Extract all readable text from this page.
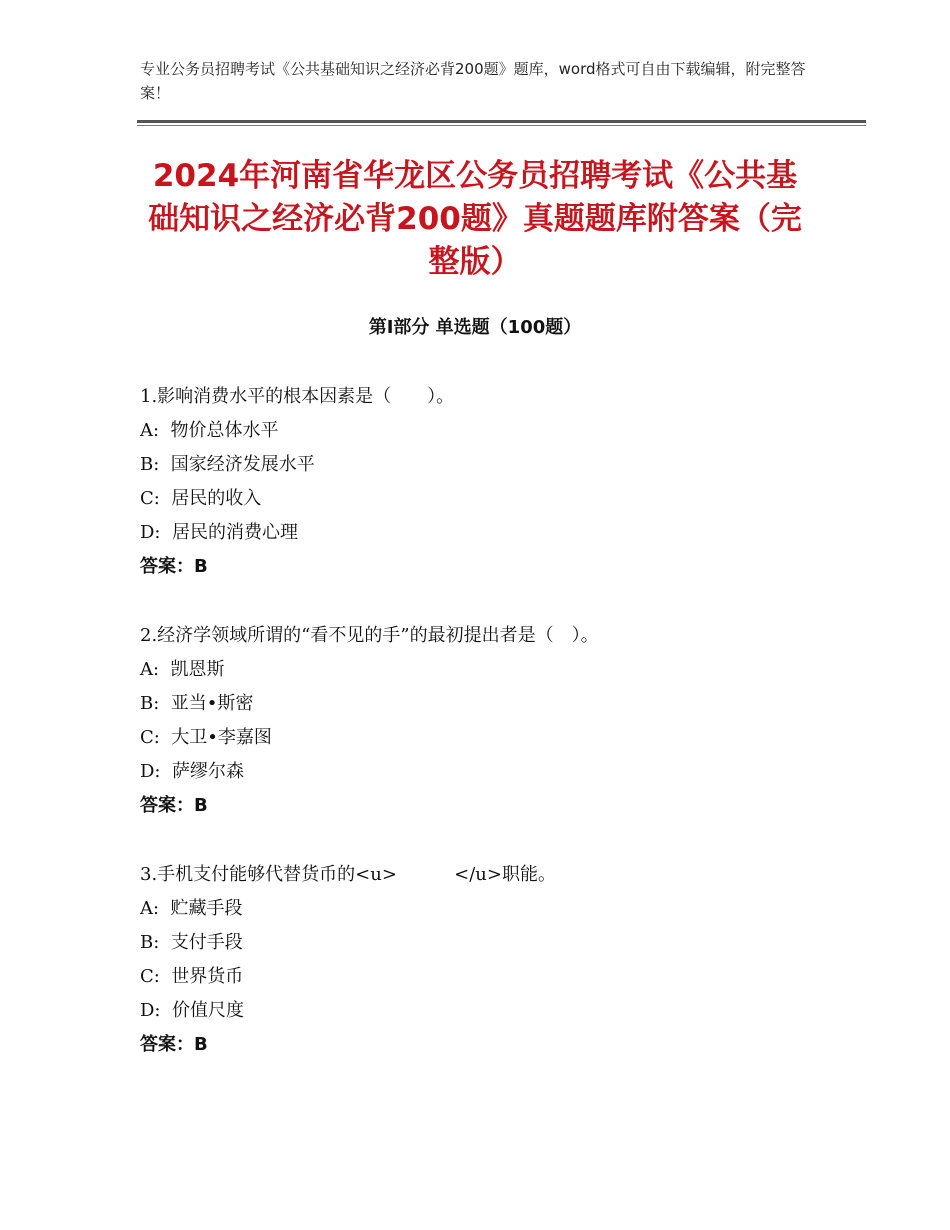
专业公务员招聘考试《公共基础知识之经济必背200题》题库，word格式可自由下载编辑，附完整答案！
2024年河南省华龙区公务员招聘考试《公共基础知识之经济必背200题》真题题库附答案（完整版）
第Ⅰ部分 单选题（100题）
1.影响消费水平的根本因素是（　　）。
A:  物价总体水平
B:  国家经济发展水平
C:  居民的收入
D:  居民的消费心理
答案：B
2.经济学领域所谓的“看不见的手”的最初提出者是（　）。
A:  凯恩斯
B:  亚当•斯密
C:  大卫•李嘉图
D:  萨缪尔森
答案：B
3.手机支付能够代替货币的<u>          </u>职能。
A:  贮藏手段
B:  支付手段
C:  世界货币
D:  价值尺度
答案：B
